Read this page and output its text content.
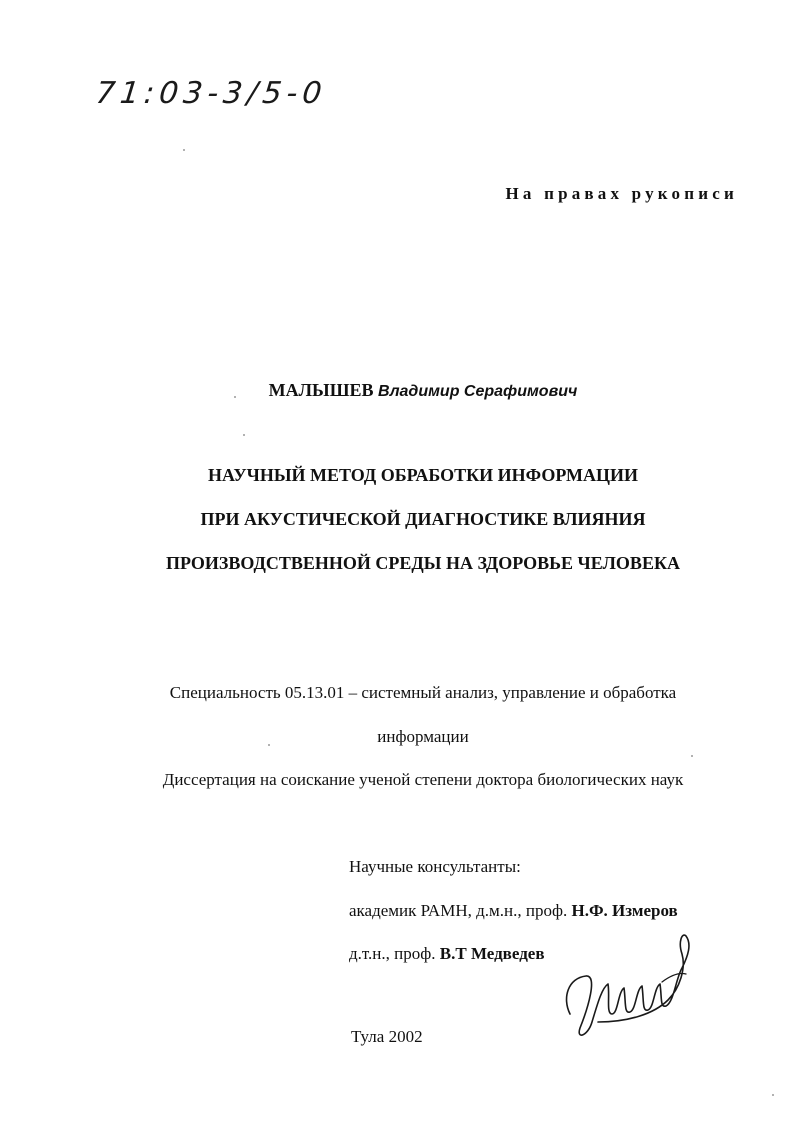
71:03-3/5-0
На правах рукописи
МАЛЫШЕВ Владимир Серафимович
НАУЧНЫЙ МЕТОД ОБРАБОТКИ ИНФОРМАЦИИ
ПРИ АКУСТИЧЕСКОЙ ДИАГНОСТИКЕ ВЛИЯНИЯ
ПРОИЗВОДСТВЕННОЙ СРЕДЫ НА ЗДОРОВЬЕ ЧЕЛОВЕКА
Специальность 05.13.01 – системный анализ, управление и обработка
информации
Диссертация на соискание ученой степени доктора биологических наук
Научные консультанты:
академик РАМН, д.м.н., проф. Н.Ф. Измеров
д.т.н., проф. В.Т Медведев
Тула 2002
